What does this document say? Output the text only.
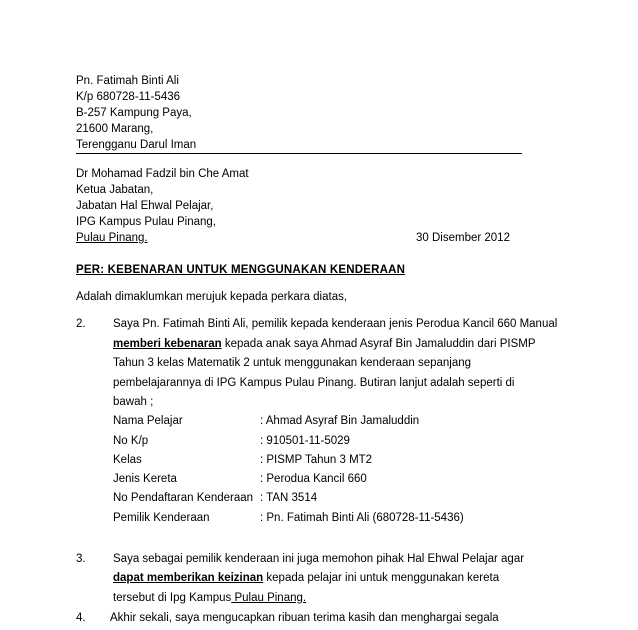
Pn. Fatimah Binti Ali
K/p 680728-11-5436
B-257 Kampung Paya,
21600 Marang,
Terengganu Darul Iman
Dr Mohamad Fadzil bin Che Amat
Ketua Jabatan,
Jabatan Hal Ehwal Pelajar,
IPG Kampus Pulau Pinang,
Pulau Pinang.	30 Disember 2012
PER: KEBENARAN UNTUK MENGGUNAKAN KENDERAAN
Adalah dimaklumkan merujuk kepada perkara diatas,
2. Saya Pn. Fatimah Binti Ali, pemilik kepada kenderaan jenis Perodua Kancil 660 Manual
memberi kebenaran kepada anak saya Ahmad Asyraf Bin Jamaluddin dari PISMP
Tahun 3 kelas Matematik 2 untuk menggunakan kenderaan sepanjang
pembelajarannya di IPG Kampus Pulau Pinang. Butiran lanjut adalah seperti di
bawah ;
Nama Pelajar	: Ahmad Asyraf Bin Jamaluddin
No K/p	: 910501-11-5029
Kelas	: PISMP Tahun 3 MT2
Jenis Kereta	: Perodua Kancil 660
No Pendaftaran Kenderaan : TAN 3514
Pemilik Kenderaan	: Pn. Fatimah Binti Ali (680728-11-5436)
3. Saya sebagai pemilik kenderaan ini juga memohon pihak Hal Ehwal Pelajar agar
dapat memberikan keizinan kepada pelajar ini untuk menggunakan kereta
tersebut di Ipg Kampus Pulau Pinang.
4. Akhir sekali, saya mengucapkan ribuan terima kasih dan menghargai segala
